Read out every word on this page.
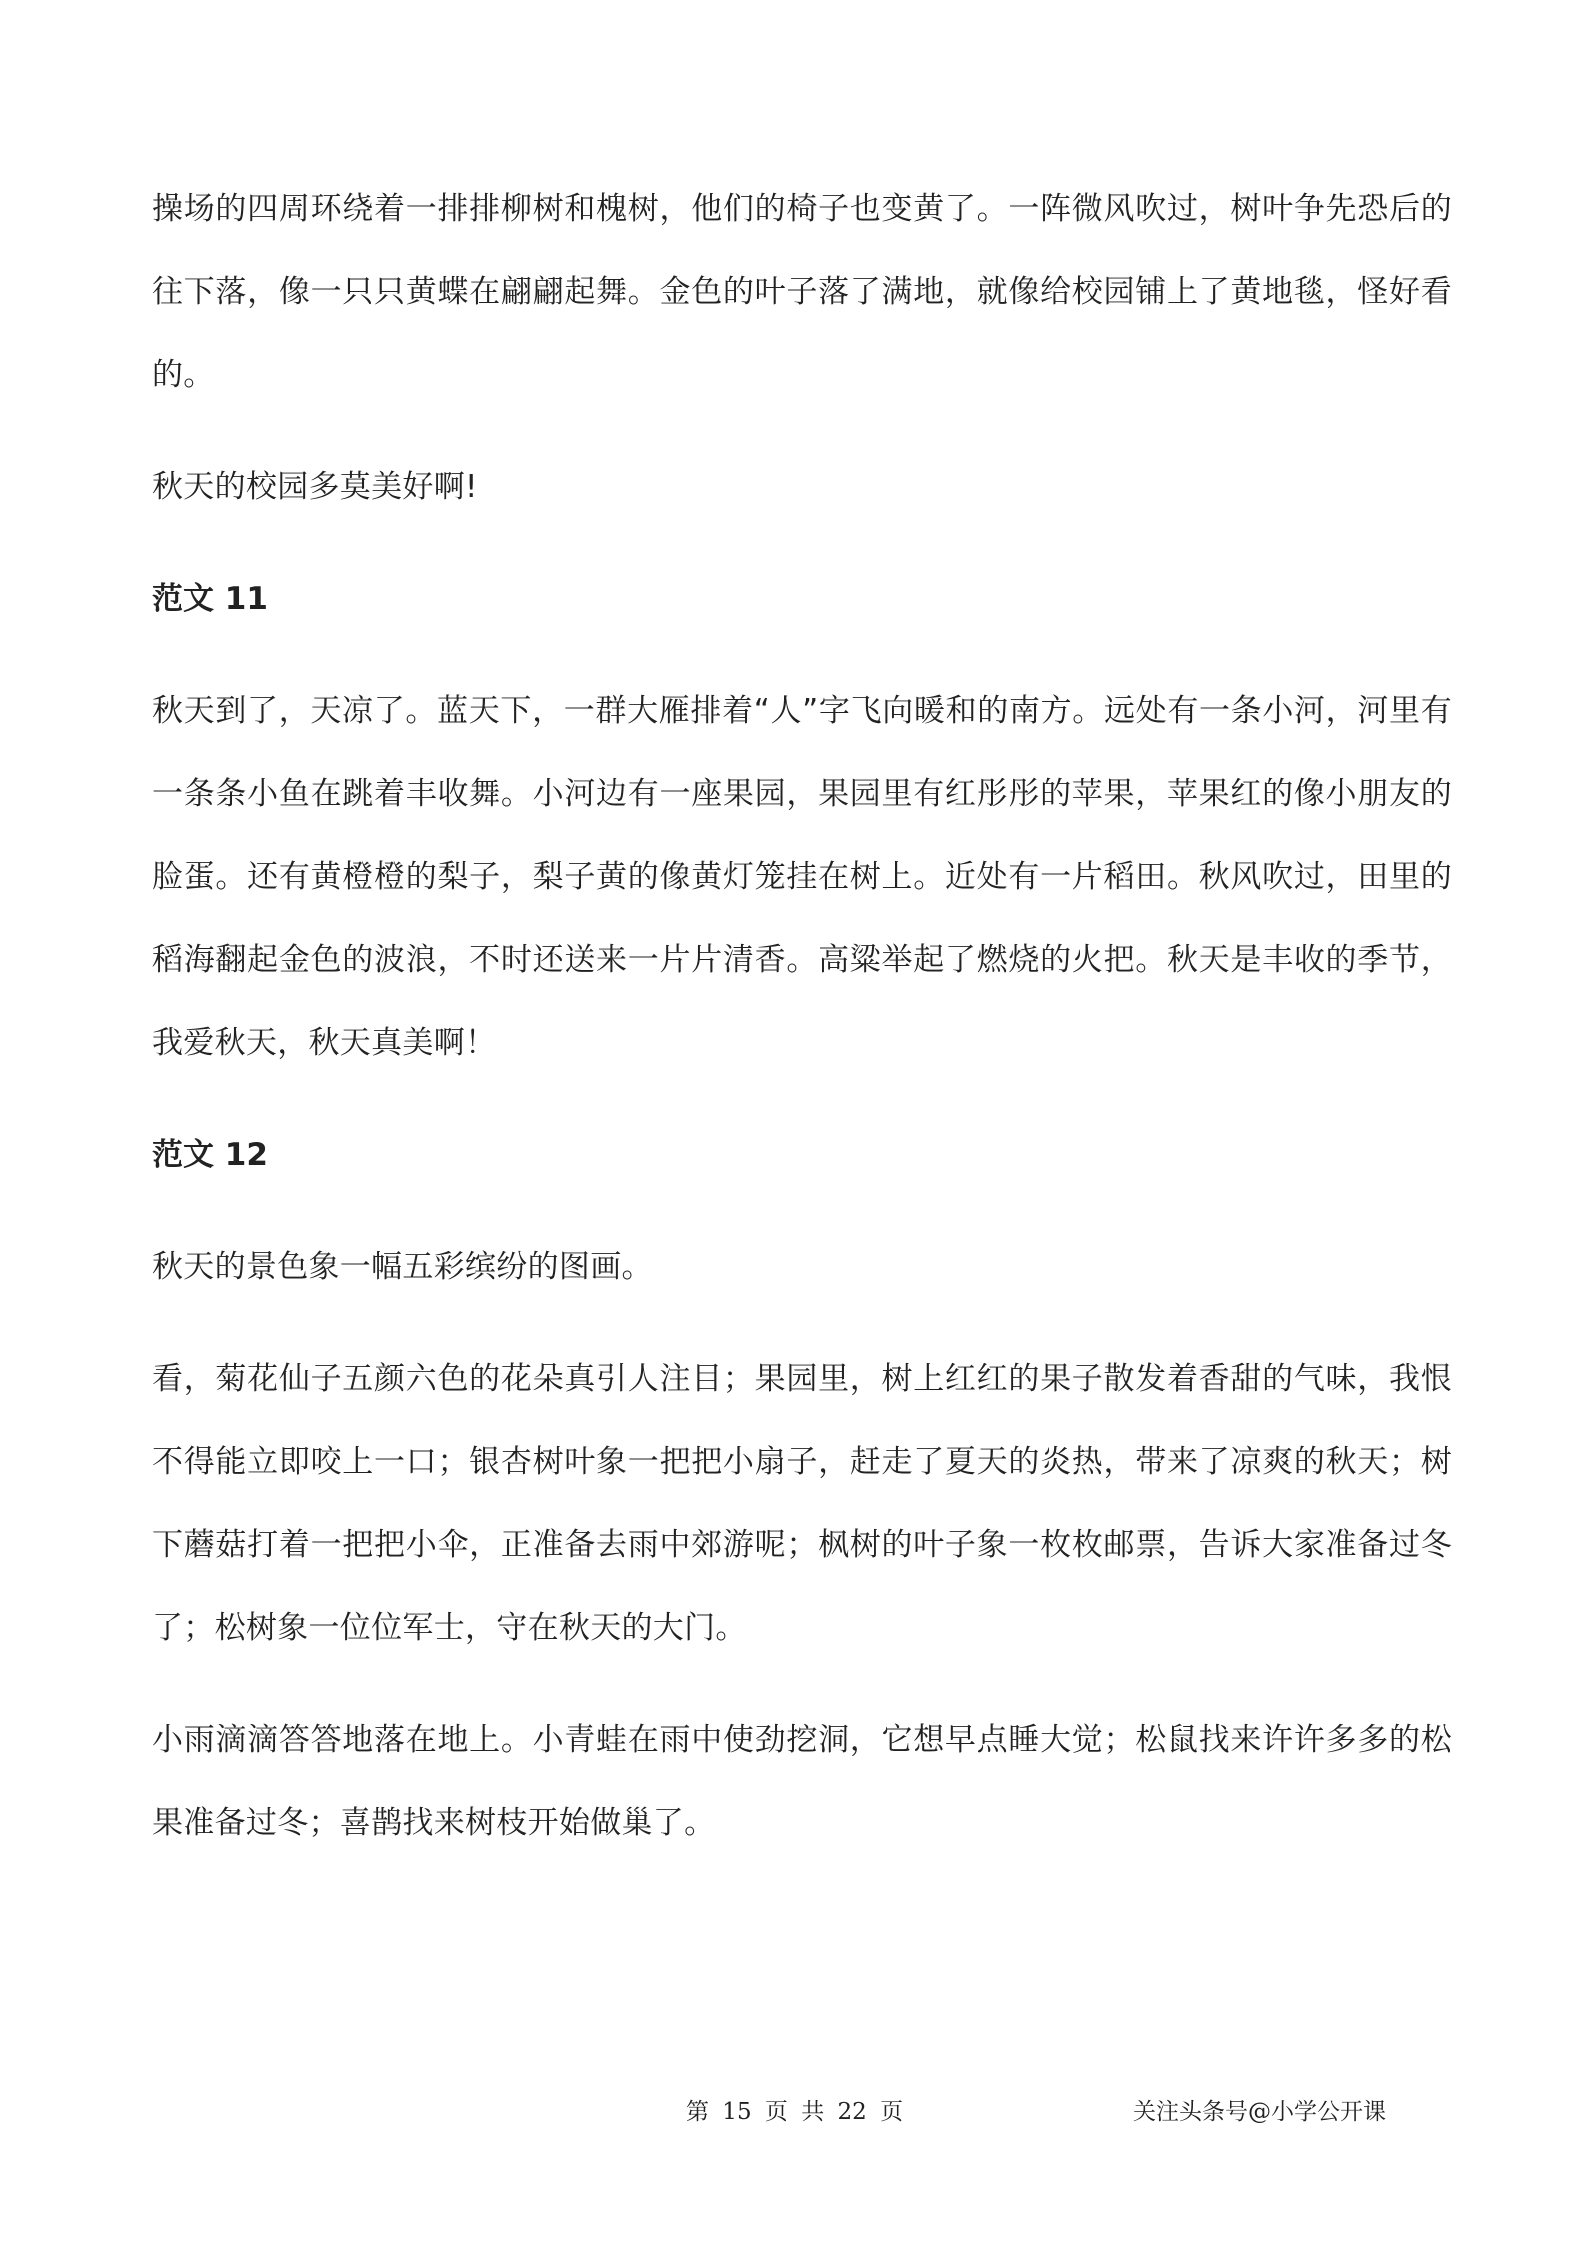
操场的四周环绕着一排排柳树和槐树，他们的椅子也变黄了。一阵微风吹过，树叶争先恐后的往下落，像一只只黄蝶在翩翩起舞。金色的叶子落了满地，就像给校园铺上了黄地毯，怪好看的。

秋天的校园多莫美好啊!

范文 11

秋天到了，天凉了。蓝天下，一群大雁排着“人”字飞向暖和的南方。远处有一条小河，河里有一条条小鱼在跳着丰收舞。小河边有一座果园，果园里有红彤彤的苹果，苹果红的像小朋友的脸蛋。还有黄橙橙的梨子，梨子黄的像黄灯笼挂在树上。近处有一片稻田。秋风吹过，田里的稻海翻起金色的波浪，不时还送来一片片清香。高粱举起了燃烧的火把。秋天是丰收的季节，我爱秋天，秋天真美啊！

范文 12

秋天的景色象一幅五彩缤纷的图画。

看，菊花仙子五颜六色的花朵真引人注目；果园里，树上红红的果子散发着香甜的气味，我恨不得能立即咬上一口；银杏树叶象一把把小扇子，赶走了夏天的炎热，带来了凉爽的秋天；树下蘑菇打着一把把小伞，正准备去雨中郊游呢；枫树的叶子象一枚枚邮票，告诉大家准备过冬了；松树象一位位军士，守在秋天的大门。

小雨滴滴答答地落在地上。小青蛙在雨中使劲挖洞，它想早点睡大觉；松鼠找来许许多多的松果准备过冬；喜鹊找来树枝开始做巢了。

第 15 页 共 22 页	关注头条号@小学公开课
